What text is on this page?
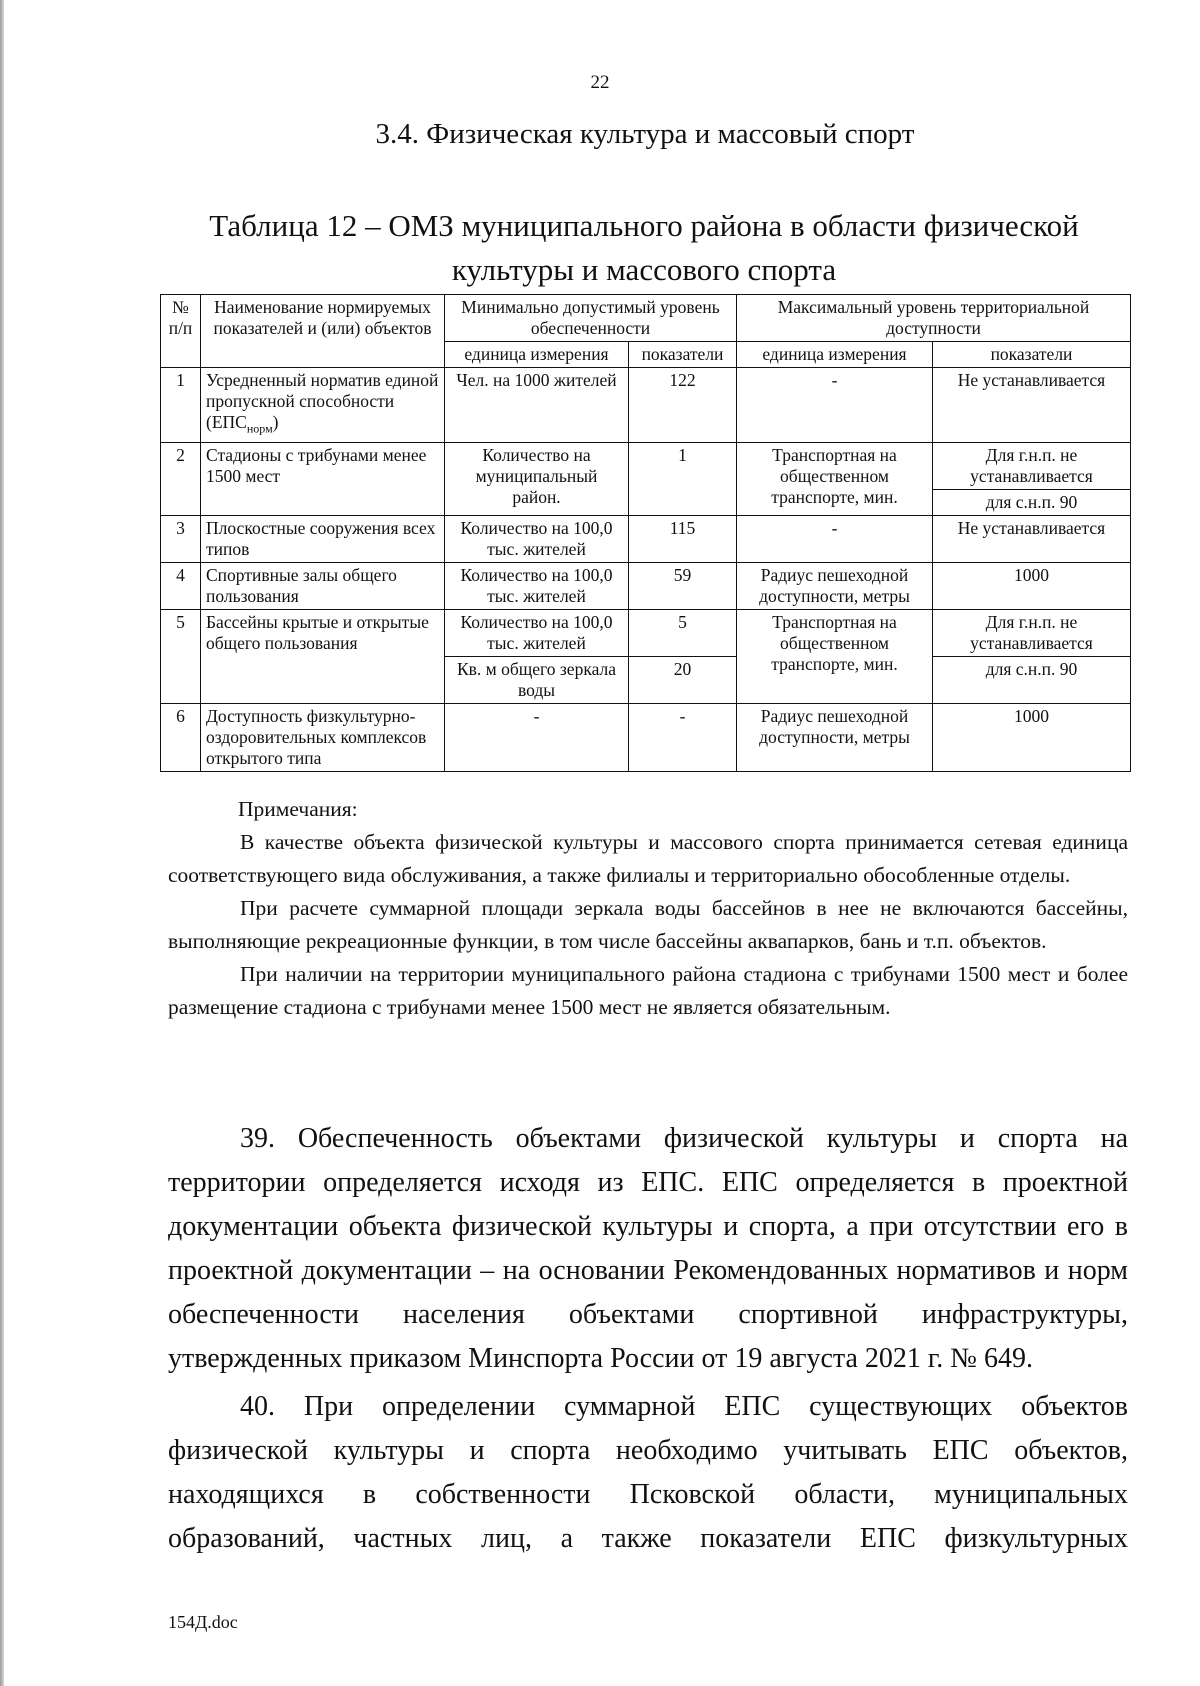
22
3.4. Физическая культура и массовый спорт
Таблица 12 – ОМЗ муниципального района в области физической культуры и массового спорта
№ п/п	Наименование нормируемых показателей и (или) объектов	Минимально допустимый уровень обеспеченности		Максимальный уровень территориальной доступности	
		единица измерения	показатели	единица измерения	показатели
1	Усредненный норматив единой пропускной способности $(ЕПС_{норм})$	Чел. на 1000 жителей	122	-	Не устанавливается
2	Стадионы с трибунами менее 1500 мест	Количество на муниципальный район.	1	Транспортная на общественном транспорте, мин.	Для г.н.п. не устанавливается
					для с.н.п. 90
3	Плоскостные сооружения всех типов	Количество на 100,0 тыс. жителей	115	-	Не устанавливается
4	Спортивные залы общего пользования	Количество на 100,0 тыс. жителей	59	Радиус пешеходной доступности, метры	1000
5	Бассейны крытые и открытые общего пользования	Количество на 100,0 тыс. жителей	5	Транспортная на общественном транспорте, мин.	Для г.н.п. не устанавливается
		Кв. м общего зеркала воды	20		
					для с.н.п. 90
6	Доступность физкультурно-оздоровительных комплексов открытого типа	-	-	Радиус пешеходной доступности, метры	1000
Примечания:

В качестве объекта физической культуры и массового спорта принимается сетевая единица соответствующего вида обслуживания, а также филиалы и территориально обособленные отделы.

При расчете суммарной площади зеркала воды бассейнов в нее не включаются бассейны, выполняющие рекреационные функции, в том числе бассейны аквапарков, бань и т.п. объектов.

При наличии на территории муниципального района стадиона с трибунами 1500 мест и более размещение стадиона с трибунами менее 1500 мест не является обязательным.

39. Обеспеченность объектами физической культуры и спорта на территории определяется исходя из ЕПС. ЕПС определяется в проектной документации объекта физической культуры и спорта, а при отсутствии его в проектной документации – на основании Рекомендованных нормативов и норм обеспеченности населения объектами спортивной инфраструктуры, утвержденных приказом Минспорта России от 19 августа 2021 г. № 649.

40. При определении суммарной ЕПС существующих объектов физической культуры и спорта необходимо учитывать ЕПС объектов, находящихся в собственности Псковской области, муниципальных образований, частных лиц, а также показатели ЕПС физкультурных

154Д.doc
